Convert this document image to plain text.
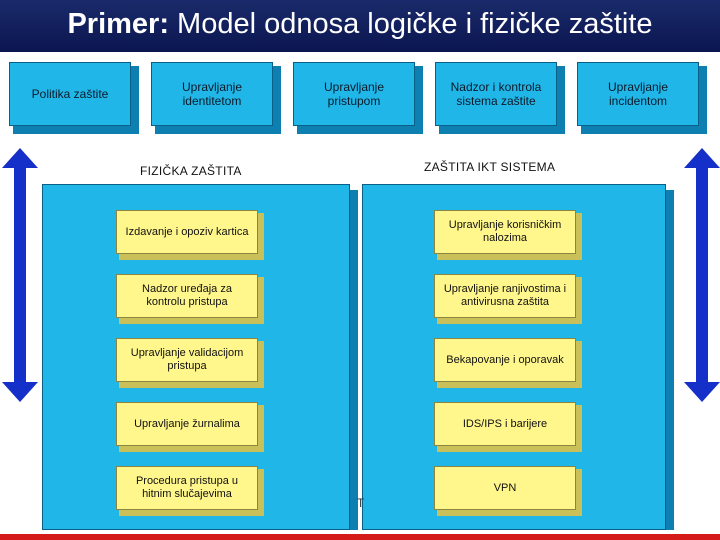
Primer: Model odnosa logičke i fizičke zaštite
Politika zaštite	Upravljanje identitetom
Upravljanje pristupom
Nadzor i kontrola sistema zaštite
Upravljanje incidentom
FIZIČKA ZAŠTITA	ZAŠTITA IKT SISTEMA
Izdavanje i opoziv kartica
Nadzor uređaja za kontrolu pristupa
Upravljanje validacijom pristupa
Upravljanje žurnalima
Procedura pristupa u hitnim slučajevima
Upravljanje korisničkim nalozima
Upravljanje ranjivostima i antivirusna zaštita
Bekapovanje i oporavak
IDS/IPS i barijere
VPN
T
